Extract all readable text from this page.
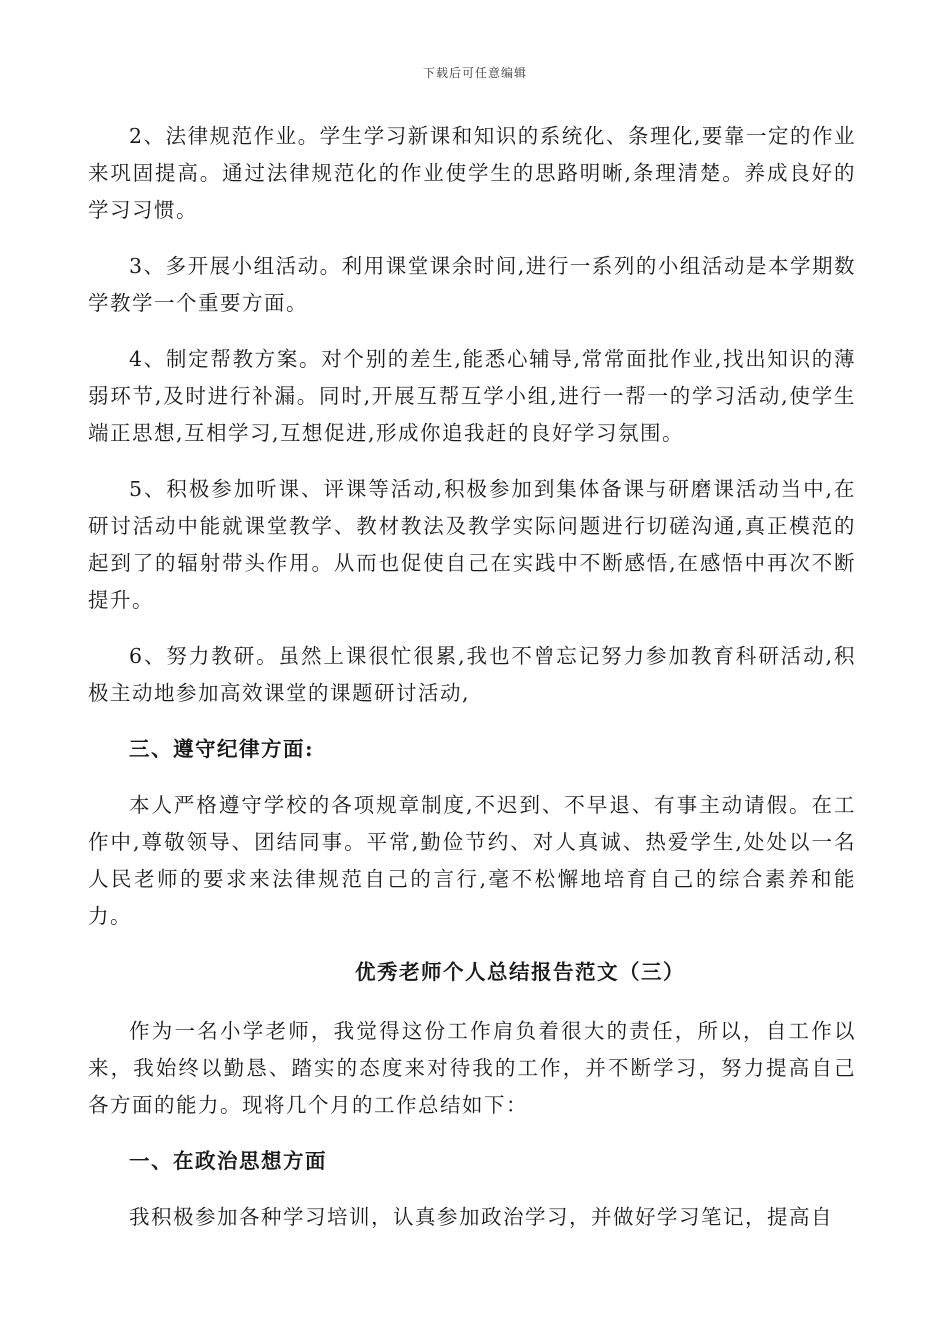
下载后可任意编辑

2、法律规范作业。学生学习新课和知识的系统化、条理化,要靠一定的作业来巩固提高。通过法律规范化的作业使学生的思路明晰,条理清楚。养成良好的学习习惯。

3、多开展小组活动。利用课堂课余时间,进行一系列的小组活动是本学期数学教学一个重要方面。

4、制定帮教方案。对个别的差生,能悉心辅导,常常面批作业,找出知识的薄弱环节,及时进行补漏。同时,开展互帮互学小组,进行一帮一的学习活动,使学生端正思想,互相学习,互想促进,形成你追我赶的良好学习氛围。

5、积极参加听课、评课等活动,积极参加到集体备课与研磨课活动当中,在研讨活动中能就课堂教学、教材教法及教学实际问题进行切磋沟通,真正模范的起到了的辐射带头作用。从而也促使自己在实践中不断感悟,在感悟中再次不断提升。

6、努力教研。虽然上课很忙很累,我也不曾忘记努力参加教育科研活动,积极主动地参加高效课堂的课题研讨活动,

三、遵守纪律方面:

本人严格遵守学校的各项规章制度,不迟到、不早退、有事主动请假。在工作中,尊敬领导、团结同事。平常,勤俭节约、对人真诚、热爱学生,处处以一名人民老师的要求来法律规范自己的言行,毫不松懈地培育自己的综合素养和能力。

优秀老师个人总结报告范文（三）

作为一名小学老师，我觉得这份工作肩负着很大的责任，所以，自工作以来，我始终以勤恳、踏实的态度来对待我的工作，并不断学习，努力提高自己各方面的能力。现将几个月的工作总结如下：

一、在政治思想方面

我积极参加各种学习培训，认真参加政治学习，并做好学习笔记，提高自
